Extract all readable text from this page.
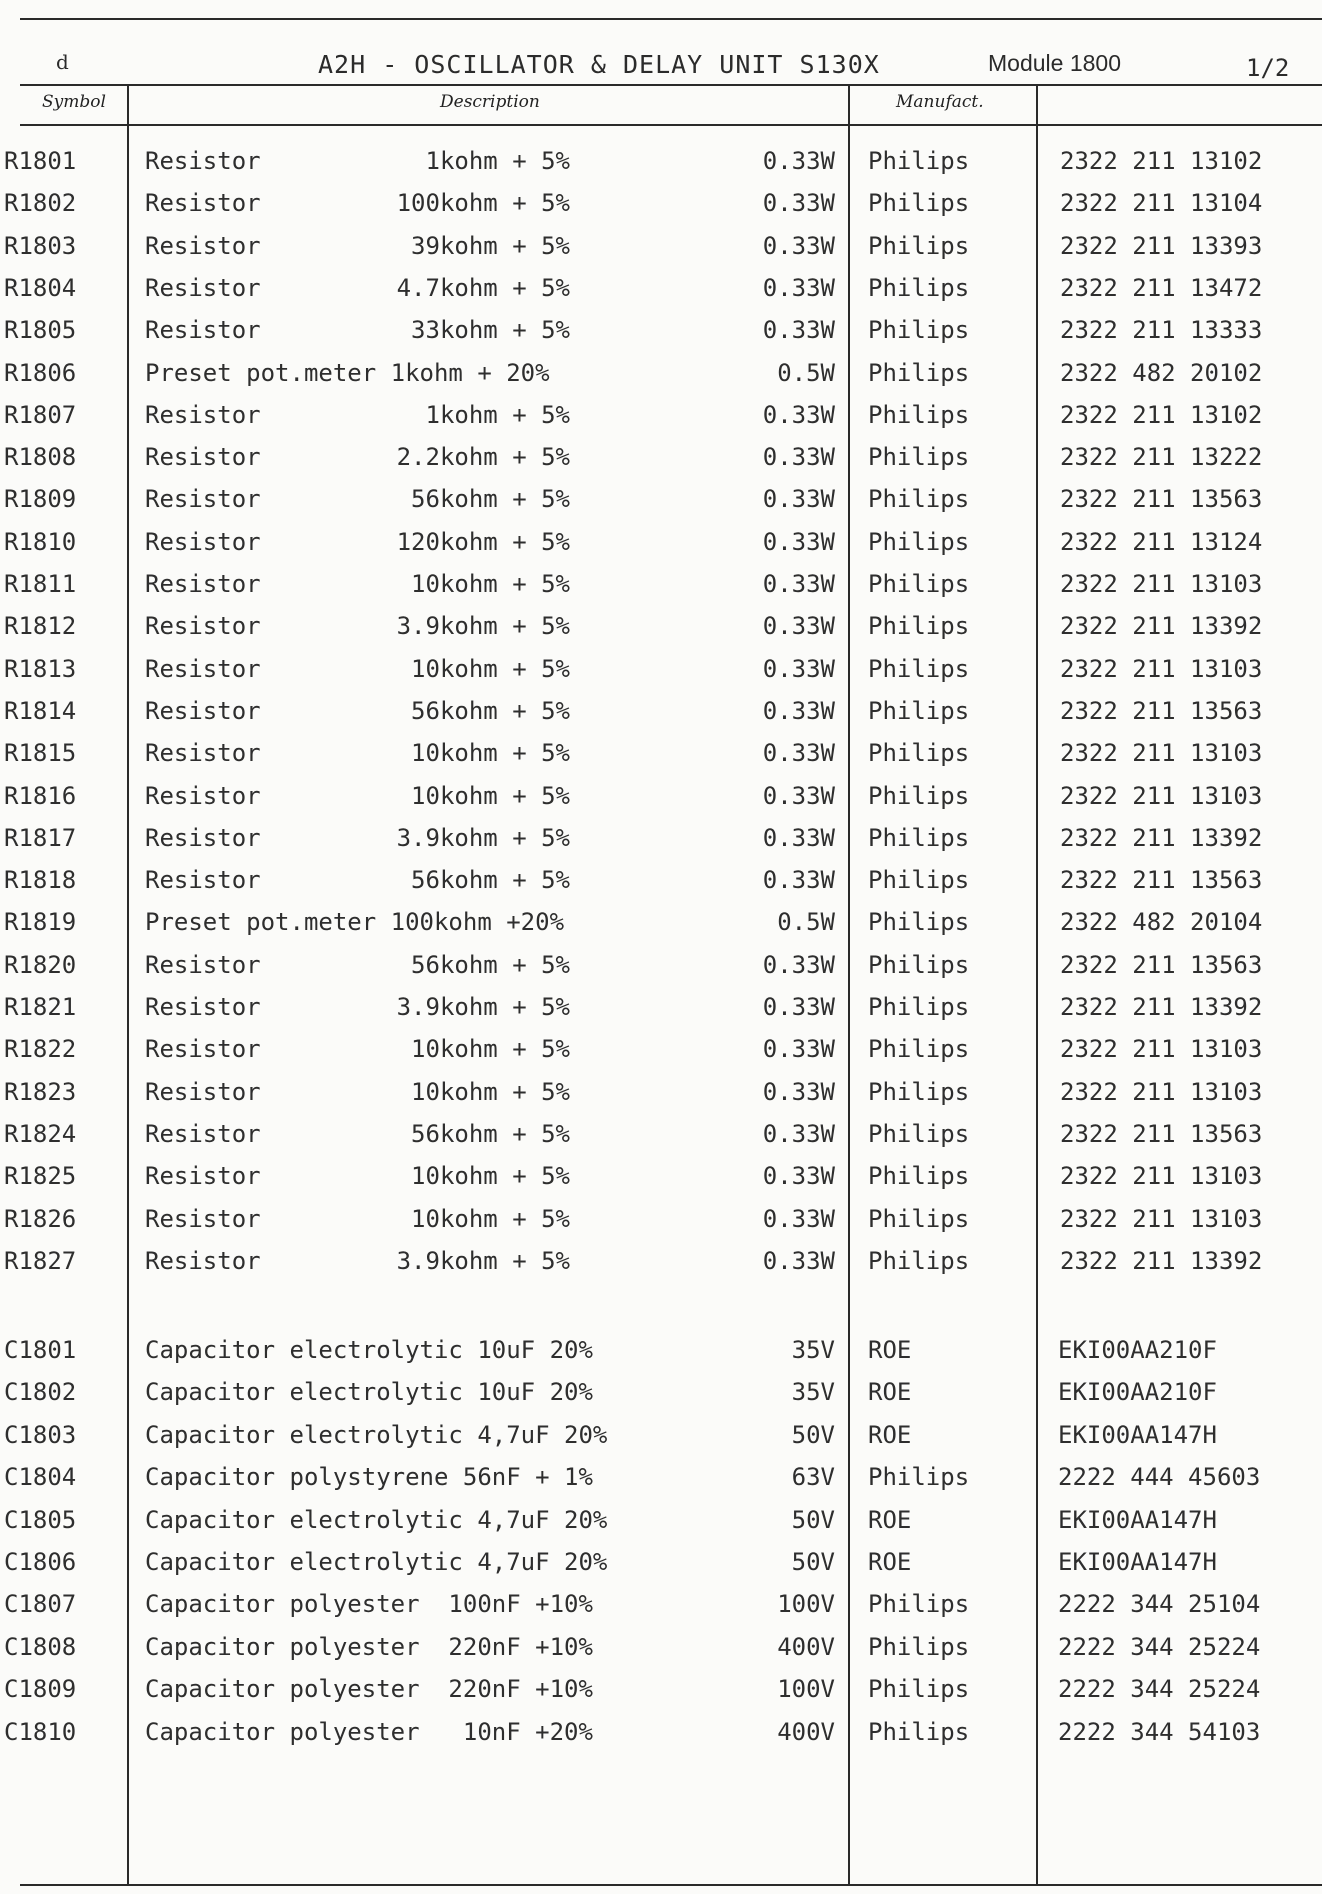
d	A2H - OSCILLATOR & DELAY UNIT S130X	Module 1800	1/2
Symbol	Description	Manufact.
R1801	Resistor	1kohm + 5%	0.33W Philips	2322 211 13102
R1802	Resistor	100kohm + 5%	0.33W Philips	2322 211 13104
R1803	Resistor	39kohm + 5%	0.33W Philips	2322 211 13393
R1804	Resistor	4.7kohm + 5%	0.33W Philips	2322 211 13472
R1805	Resistor	33kohm + 5%	0.33W Philips	2322 211 13333
R1806	Preset pot.meter 1kohm + 20%	0.5W Philips	2322 482 20102
R1807	Resistor	1kohm + 5%	0.33W Philips	2322 211 13102
R1808	Resistor	2.2kohm + 5%	0.33W Philips	2322 211 13222
R1809	Resistor	56kohm + 5%	0.33W Philips	2322 211 13563
R1810	Resistor	120kohm + 5%	0.33W Philips	2322 211 13124
R1811	Resistor	10kohm + 5%	0.33W Philips	2322 211 13103
R1812	Resistor	3.9kohm + 5%	0.33W Philips	2322 211 13392
R1813	Resistor	10kohm + 5%	0.33W Philips	2322 211 13103
R1814	Resistor	56kohm + 5%	0.33W Philips	2322 211 13563
R1815	Resistor	10kohm + 5%	0.33W Philips	2322 211 13103
R1816	Resistor	10kohm + 5%	0.33W Philips	2322 211 13103
R1817	Resistor	3.9kohm + 5%	0.33W Philips	2322 211 13392
R1818	Resistor	56kohm + 5%	0.33W Philips	2322 211 13563
R1819	Preset pot.meter 100kohm +20%	0.5W Philips	2322 482 20104
R1820	Resistor	56kohm + 5%	0.33W Philips	2322 211 13563
R1821	Resistor	3.9kohm + 5%	0.33W Philips	2322 211 13392
R1822	Resistor	10kohm + 5%	0.33W Philips	2322 211 13103
R1823	Resistor	10kohm + 5%	0.33W Philips	2322 211 13103
R1824	Resistor	56kohm + 5%	0.33W Philips	2322 211 13563
R1825	Resistor	10kohm + 5%	0.33W Philips	2322 211 13103
R1826	Resistor	10kohm + 5%	0.33W Philips	2322 211 13103
R1827	Resistor	3.9kohm + 5%	0.33W Philips	2322 211 13392
C1801	Capacitor electrolytic 10uF 20%	35V ROE	EKI00AA210F
C1802	Capacitor electrolytic 10uF 20%	35V ROE	EKI00AA210F
C1803	Capacitor electrolytic 4,7uF 20%	50V ROE	EKI00AA147H
C1804	Capacitor polystyrene 56nF + 1%	63V Philips	2222 444 45603
C1805	Capacitor electrolytic 4,7uF 20%	50V ROE	EKI00AA147H
C1806	Capacitor electrolytic 4,7uF 20%	50V ROE	EKI00AA147H
C1807	Capacitor polyester  100nF +10%	100V Philips	2222 344 25104
C1808	Capacitor polyester  220nF +10%	400V Philips	2222 344 25224
C1809	Capacitor polyester  220nF +10%	100V Philips	2222 344 25224
C1810	Capacitor polyester   10nF +20%	400V Philips	2222 344 54103
